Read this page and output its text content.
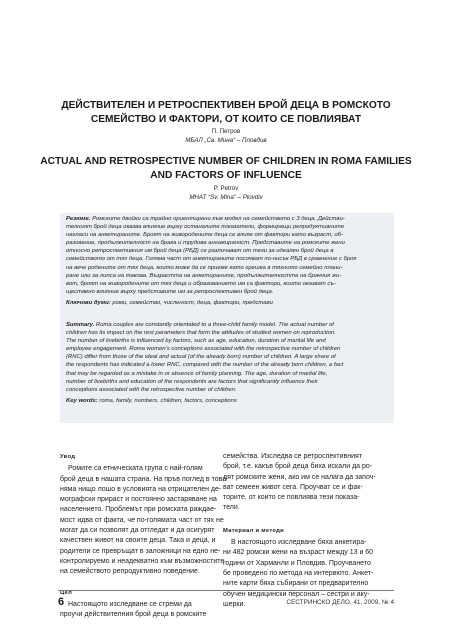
ДЕЙСТВИТЕЛЕН И РЕТРОСПЕКТИВЕН БРОЙ ДЕЦА В РОМСКОТО
СЕМЕЙСТВО И ФАКТОРИ, ОТ КОИТО СЕ ПОВЛИЯВАТ
П. Петров
МБАЛ „Св. Мина“ – Пловдив
ACTUAL AND RETROSPECTIVE NUMBER OF CHILDREN IN ROMA FAMILIES
AND FACTORS OF INFLUENCE
P. Petrov
MHAT “Sv. Mina” – Plovdiv
Резюме. Ромските двойки са трайно ориентирани към модел на семейството с 3 деца. Действи-
телният брой деца оказва влияние върху останалите показатели, формиращи репродуктивните
нагласи на анкетираните. Броят на живородените деца се влияе от фактори като възраст, об-
разование, продължителност на брака и трудова ангажираност. Представите на ромските жени
относно ретроспективния им брой деца (РБД) се различават от тези за идеален брой деца в
семейството от тях деца. Голяма част от анкетираните посочват по-нисък РБД в сравнение с броя
на вече родените от тях деца, които може да се приеме като грешка в тяхното семейно плани-
ране или за липса на такова. Възрастта на анкетираните, продължителността на брачния жи-
вот, броят на живородените от тях деца и образованието им са фактори, които оказват съ-
ществено влияние върху представите им за ретроспективен брой деца.
Ключови думи: роми, семейство, численост, деца, фактори, представи
Summary. Roma couples are constantly orientated to a three-child family model. The actual number of
children has its impact on the rest parameters that form the attitudes of studied women on reproduction.
The number of livebirths is influenced by factors, such as age, education, duration of marital life and
employee engagement. Roma women’s conceptions associated with the retrospective number of children
(RNC) differ from those of the ideal and actual (of the already born) number of children. A large share of
the respondents has indicated a lower RNC, compared with the number of the already born children, a fact
that may be regarded as a mistake in or absence of family planning. The age, duration of marital life,
number of livebirths and education of the respondents are factors that significantly influence their
conceptions associated with the retrospective number of children.
Key words: roma, family, numbers, children, factors, conceptions
Увод
Ромите са етническата група с най-голям
брой деца в нашата страна. На пръв поглед в това
няма нищо лошо в условията на отрицателен де-
мографски прираст и постоянно застаряване на
населението. Проблемът при ромската раждае-
мост идва от факта, че по-голямата част от тях не
могат да си позволят да отгледат и да осигурят
качествен живот на своите деца. Така и деца, и
родители се превръщат в заложници на едно не-
контролируемо и неадекватно към възможностите
на семейството репродуктивно поведение.
Цел
Настоящото изследване се стреми да
проучи действителния брой деца в ромските
семейства. Изследва се ретроспективният
брой, т.е. какъв брой деца биха искали да ро-
дят ромските жени, ако им се налага да започ-
ват семеен живот сега. Проучват се и фак-
торите, от които се повлиява тези показа-
тели.
Материал и методи
В настоящото изследване бяха анкетира-
ни 482 ромски жени на възраст между 13 и 60
години от Харманли и Пловдив. Проучването
бе проведено по метода на интервюто. Анкет-
ните карти бяха събирани от предварително
обучен медицински персонал – сестри и аку-
шерки.
6	СЕСТРИНСКО ДЕЛО, 41, 2009, № 4
